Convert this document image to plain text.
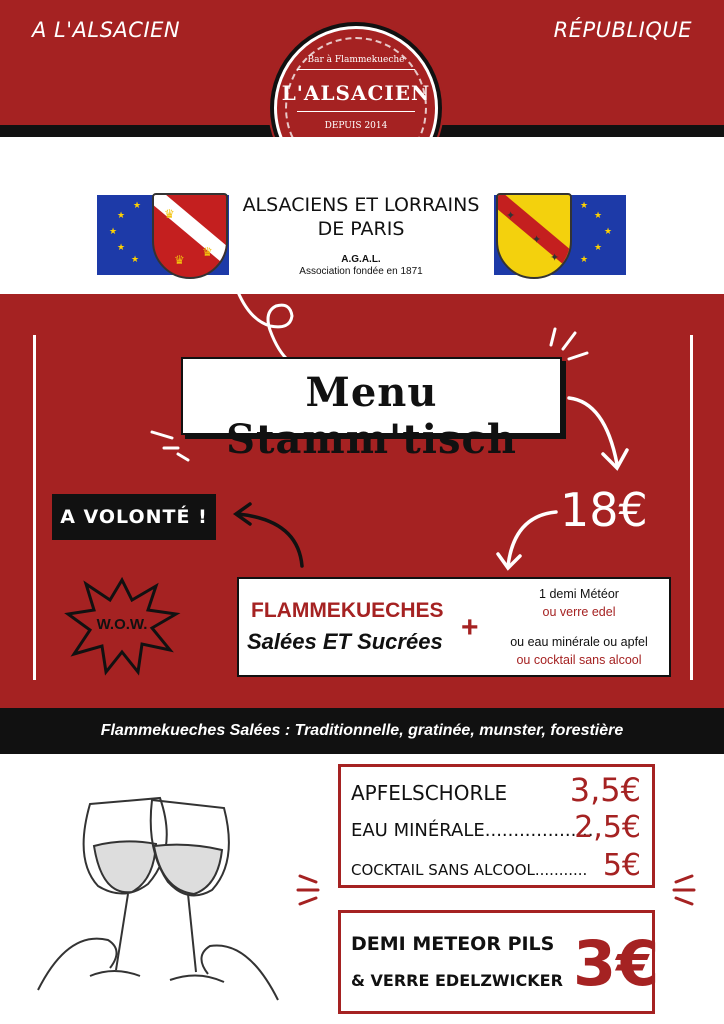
A L'ALSACIEN	RÉPUBLIQUE
Bar à Flammekueche
L'ALSACIEN
DEPUIS 2014
★
★
★
★
★
♛
♛
♛
★
★
★
★
★
✦
✦
✦
ALSACIENS ET LORRAINS
DE PARIS
A.G.A.L.
Association fondée en 1871
Menu Stamm'tisch
A VOLONTÉ !	18€
W.O.W.
FLAMMEKUECHES
Salées ET Sucrées +
1 demi Météor
ou verre edel
ou eau minérale ou apfel
ou cocktail sans alcool
Flammekueches Salées : Traditionnelle, gratinée, munster, forestière
APFELSCHORLE 3,5€
EAU MINÉRALE...................
2,5€
COCKTAIL SANS ALCOOL........... 5€
DEMI METEOR PILS
& VERRE EDELZWICKER 3€
